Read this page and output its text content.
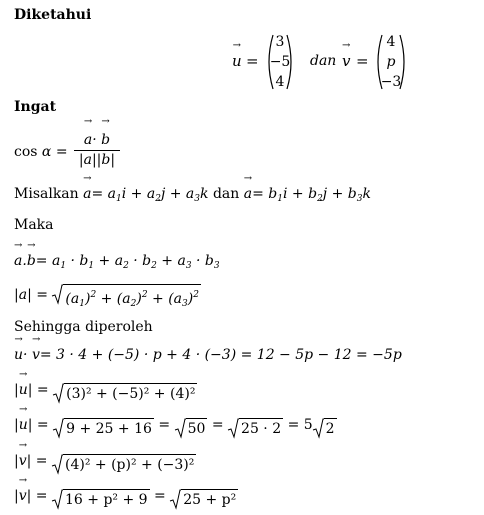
Diketahui
→ u =
3
−5
4
dan → v =
4
p
−3
Ingat
cos α =
→ a· → b
|a||b|
Misalkan → $a= a_1i + a_2j + a_3k$ dan → $a= b_1i + b_2j + b_3k$
Maka
→ $a.\to b= a_1 \cdot b_1 + a_2 \cdot b_2 + a_3 \cdot b_3$
|a| =
$(a_1)^2 + (a_2)^2 + (a_3)^2$
Sehingga diperoleh
→ u· → v= 3 · 4 + (−5) · p + 4 · (−3) = 12 − 5p − 12 = −5p
|→ u| =
(3)² + (−5)² + (4)²
|→ u| =
9 + 25 + 16 = 50 = 25 · 2 = 5 2
|→ v| =
(4)² + (p)² + (−3)²
|→ v| =
16 + p² + 9 = 25 + p²
